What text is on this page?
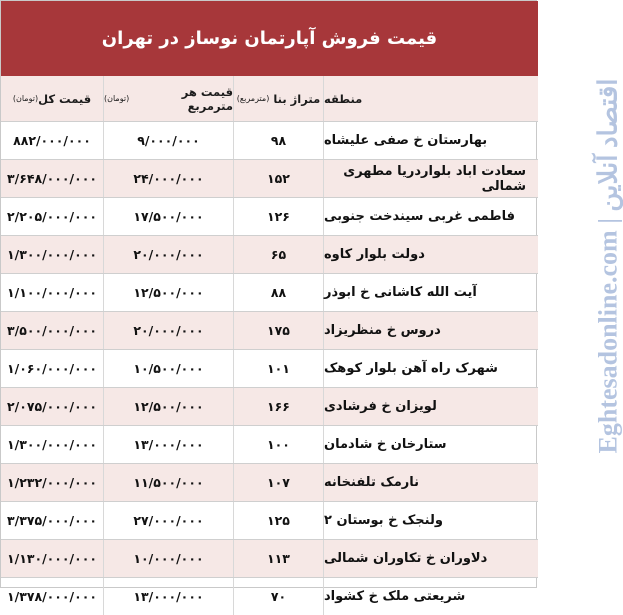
قیمت فروش آپارتمان نوساز در تهران
منطقه
متراژ بنا

(مترمربع)
قیمت هر مترمربع

(تومان)
قیمت کل
(تومان)
بهارستان خ صفی علیشاه
۹۸
۹/۰۰۰/۰۰۰
۸۸۲/۰۰۰/۰۰۰
سعادت اباد بلواردریا مطهری شمالی
۱۵۲
۲۴/۰۰۰/۰۰۰
۳/۶۴۸/۰۰۰/۰۰۰
فاطمی غربی سیندخت جنوبی
۱۲۶
۱۷/۵۰۰/۰۰۰
۲/۲۰۵/۰۰۰/۰۰۰
دولت بلوار کاوه
۶۵
۲۰/۰۰۰/۰۰۰
۱/۳۰۰/۰۰۰/۰۰۰
آیت الله کاشانی خ ابوذر
۸۸
۱۲/۵۰۰/۰۰۰
۱/۱۰۰/۰۰۰/۰۰۰
دروس خ منظریزاد
۱۷۵
۲۰/۰۰۰/۰۰۰
۳/۵۰۰/۰۰۰/۰۰۰
شهرک راه آهن بلوار کوهک
۱۰۱
۱۰/۵۰۰/۰۰۰
۱/۰۶۰/۰۰۰/۰۰۰
لویزان خ فرشادی
۱۶۶
۱۲/۵۰۰/۰۰۰
۲/۰۷۵/۰۰۰/۰۰۰
ستارخان خ شادمان
۱۰۰
۱۳/۰۰۰/۰۰۰
۱/۳۰۰/۰۰۰/۰۰۰
نارمک تلفنخانه
۱۰۷
۱۱/۵۰۰/۰۰۰
۱/۲۳۲/۰۰۰/۰۰۰
ولنجک خ بوستان ۲
۱۲۵
۲۷/۰۰۰/۰۰۰
۳/۳۷۵/۰۰۰/۰۰۰
دلاوران خ تکاوران شمالی
۱۱۳
۱۰/۰۰۰/۰۰۰
۱/۱۳۰/۰۰۰/۰۰۰
شریعتی ملک خ کشواد
۷۰
۱۳/۰۰۰/۰۰۰
۱/۳۷۸/۰۰۰/۰۰۰
Eghtesadonline.com | اقتصاد آنلاین
